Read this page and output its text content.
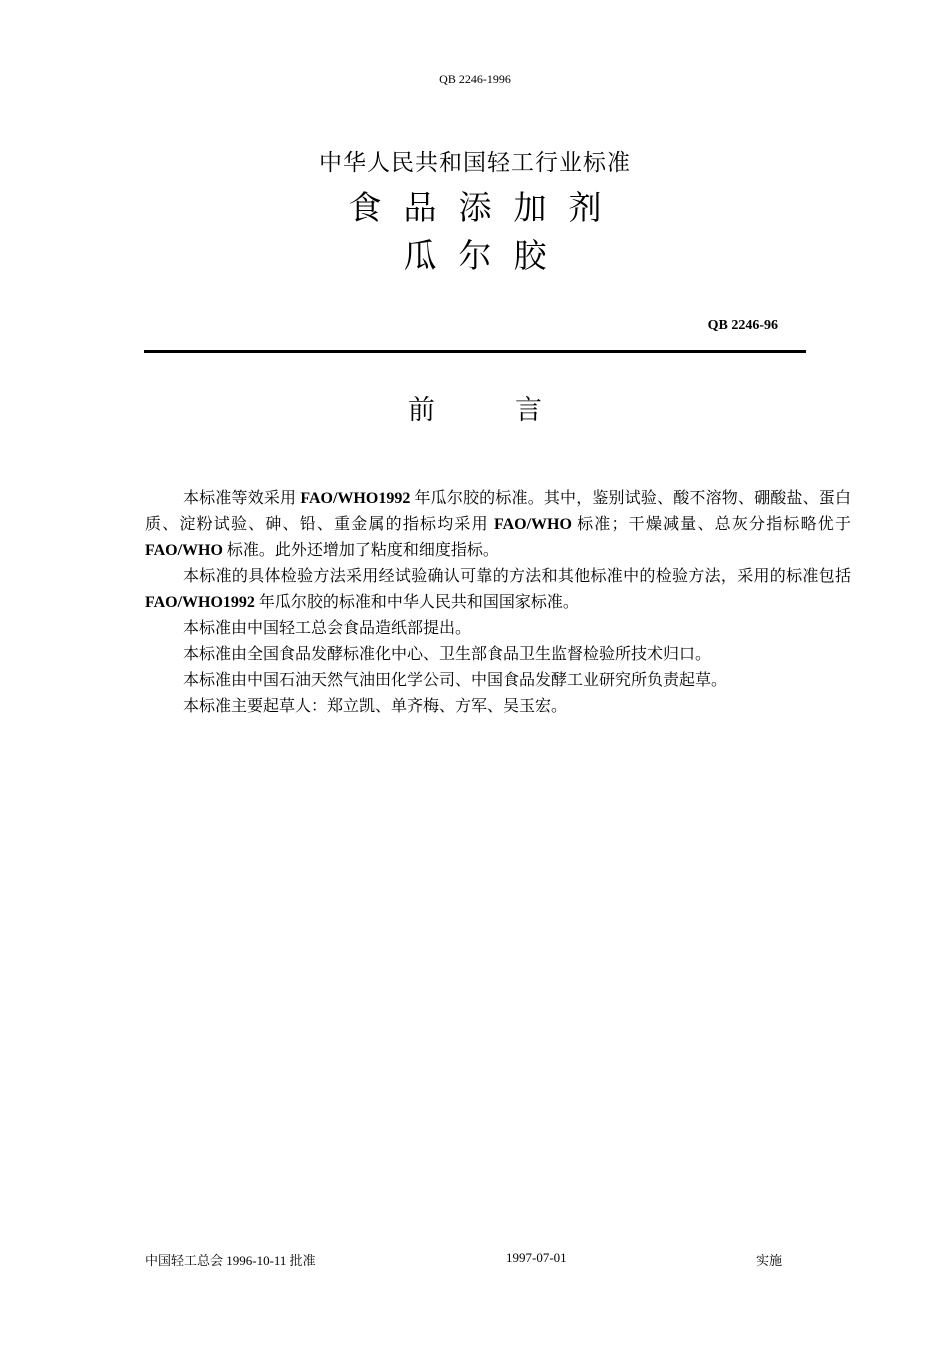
QB 2246-1996
中华人民共和国轻工行业标准
食品添加剂
瓜尔胶
QB 2246-96
前言

本标准等效采用 FAO/WHO1992 年瓜尔胶的标准。其中，鉴别试验、酸不溶物、硼酸盐、蛋白质、淀粉试验、砷、铅、重金属的指标均采用 FAO/WHO 标准；干燥减量、总灰分指标略优于 FAO/WHO 标准。此外还增加了粘度和细度指标。

本标准的具体检验方法采用经试验确认可靠的方法和其他标准中的检验方法，采用的标准包括 FAO/WHO1992 年瓜尔胶的标准和中华人民共和国国家标准。

本标准由中国轻工总会食品造纸部提出。

本标准由全国食品发酵标准化中心、卫生部食品卫生监督检验所技术归口。

本标准由中国石油天然气油田化学公司、中国食品发酵工业研究所负责起草。

本标准主要起草人：郑立凯、单齐梅、方军、吴玉宏。

中国轻工总会 1996-10-11 批准	1997-07-01	实施
